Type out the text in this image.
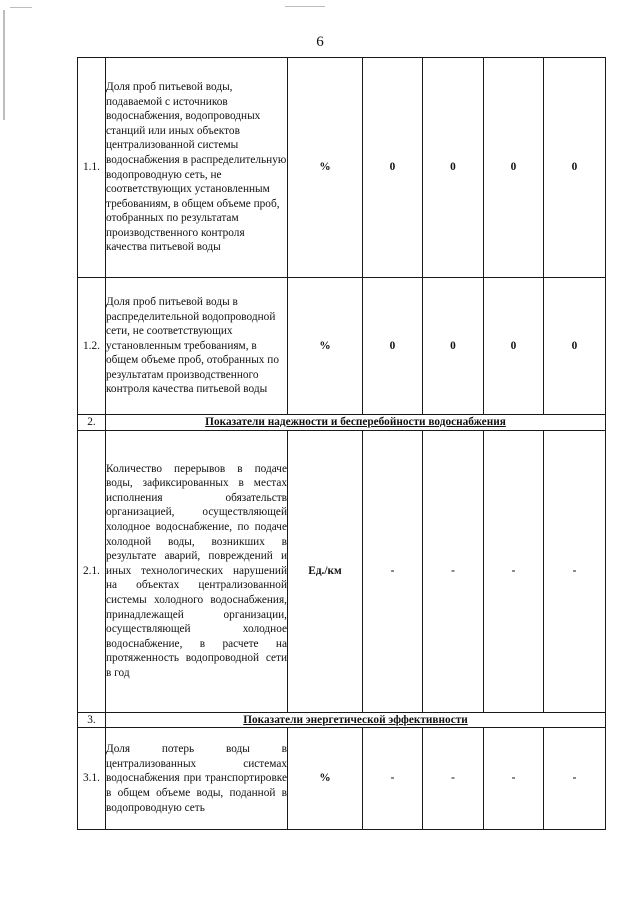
6
1.1.	Доля проб питьевой воды, подаваемой с источников водоснабжения, водопроводных станций или иных объектов централизованной системы водоснабжения в распределительную водопроводную сеть, не соответствующих установленным требованиям, в общем объеме проб, отобранных по результатам производственного контроля качества питьевой воды	%	0	0	0	0
1.2.	Доля проб питьевой воды в распределительной водопроводной сети, не соответствующих установленным требованиям, в общем объеме проб, отобранных по результатам производственного контроля качества питьевой воды	%	0	0	0	0
2.	Показатели надежности и бесперебойности водоснабжения					
2.1.	Количество перерывов в подаче воды, зафиксированных в местах исполнения обязательств организацией, осуществляющей холодное водоснабжение, по подаче холодной воды, возникших в результате аварий, повреждений и иных технологических нарушений на объектах централизованной системы холодного водоснабжения, принадлежащей организации, осуществляющей холодное водоснабжение, в расчете на протяженность водопроводной сети в год	Ед./км	-	-	-	-
3.	Показатели энергетической эффективности					
3.1.	Доля потерь воды в централизованных системах водоснабжения при транспортировке в общем объеме воды, поданной в водопроводную сеть	%	-	-	-	-
